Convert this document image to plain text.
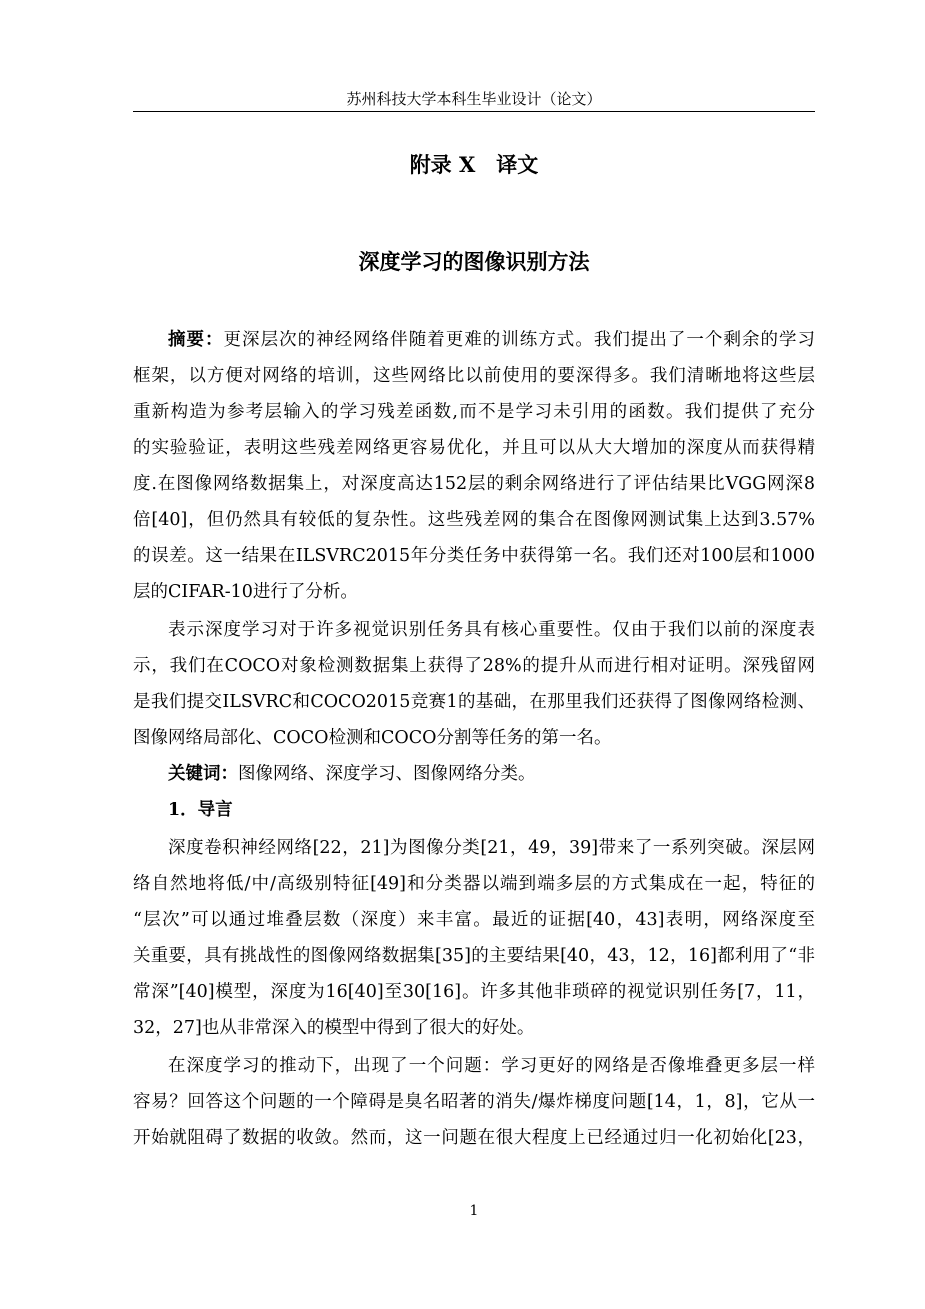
苏州科技大学本科生毕业设计（论文）
附录 X　译文
深度学习的图像识别方法
摘要：更深层次的神经网络伴随着更难的训练方式。我们提出了一个剩余的学习
框架，以方便对网络的培训，这些网络比以前使用的要深得多。我们清晰地将这些层
重新构造为参考层输入的学习残差函数,而不是学习未引用的函数。我们提供了充分
的实验验证，表明这些残差网络更容易优化，并且可以从大大增加的深度从而获得精
度.在图像网络数据集上，对深度高达152层的剩余网络进行了评估结果比VGG网深8
倍[40]，但仍然具有较低的复杂性。这些残差网的集合在图像网测试集上达到3.57%
的误差。这一结果在ILSVRC2015年分类任务中获得第一名。我们还对100层和1000
层的CIFAR-10进行了分析。
表示深度学习对于许多视觉识别任务具有核心重要性。仅由于我们以前的深度表
示，我们在COCO对象检测数据集上获得了28%的提升从而进行相对证明。深残留网
是我们提交ILSVRC和COCO2015竞赛1的基础，在那里我们还获得了图像网络检测、
图像网络局部化、COCO检测和COCO分割等任务的第一名。
关键词：图像网络、深度学习、图像网络分类。
1．导言
深度卷积神经网络[22，21]为图像分类[21，49，39]带来了一系列突破。深层网
络自然地将低/中/高级别特征[49]和分类器以端到端多层的方式集成在一起，特征的
“层次”可以通过堆叠层数（深度）来丰富。最近的证据[40，43]表明，网络深度至
关重要，具有挑战性的图像网络数据集[35]的主要结果[40，43，12，16]都利用了“非
常深”[40]模型，深度为16[40]至30[16]。许多其他非琐碎的视觉识别任务[7，11，
32，27]也从非常深入的模型中得到了很大的好处。
在深度学习的推动下，出现了一个问题：学习更好的网络是否像堆叠更多层一样
容易？回答这个问题的一个障碍是臭名昭著的消失/爆炸梯度问题[14，1，8]，它从一
开始就阻碍了数据的收敛。然而，这一问题在很大程度上已经通过归一化初始化[23，
1
